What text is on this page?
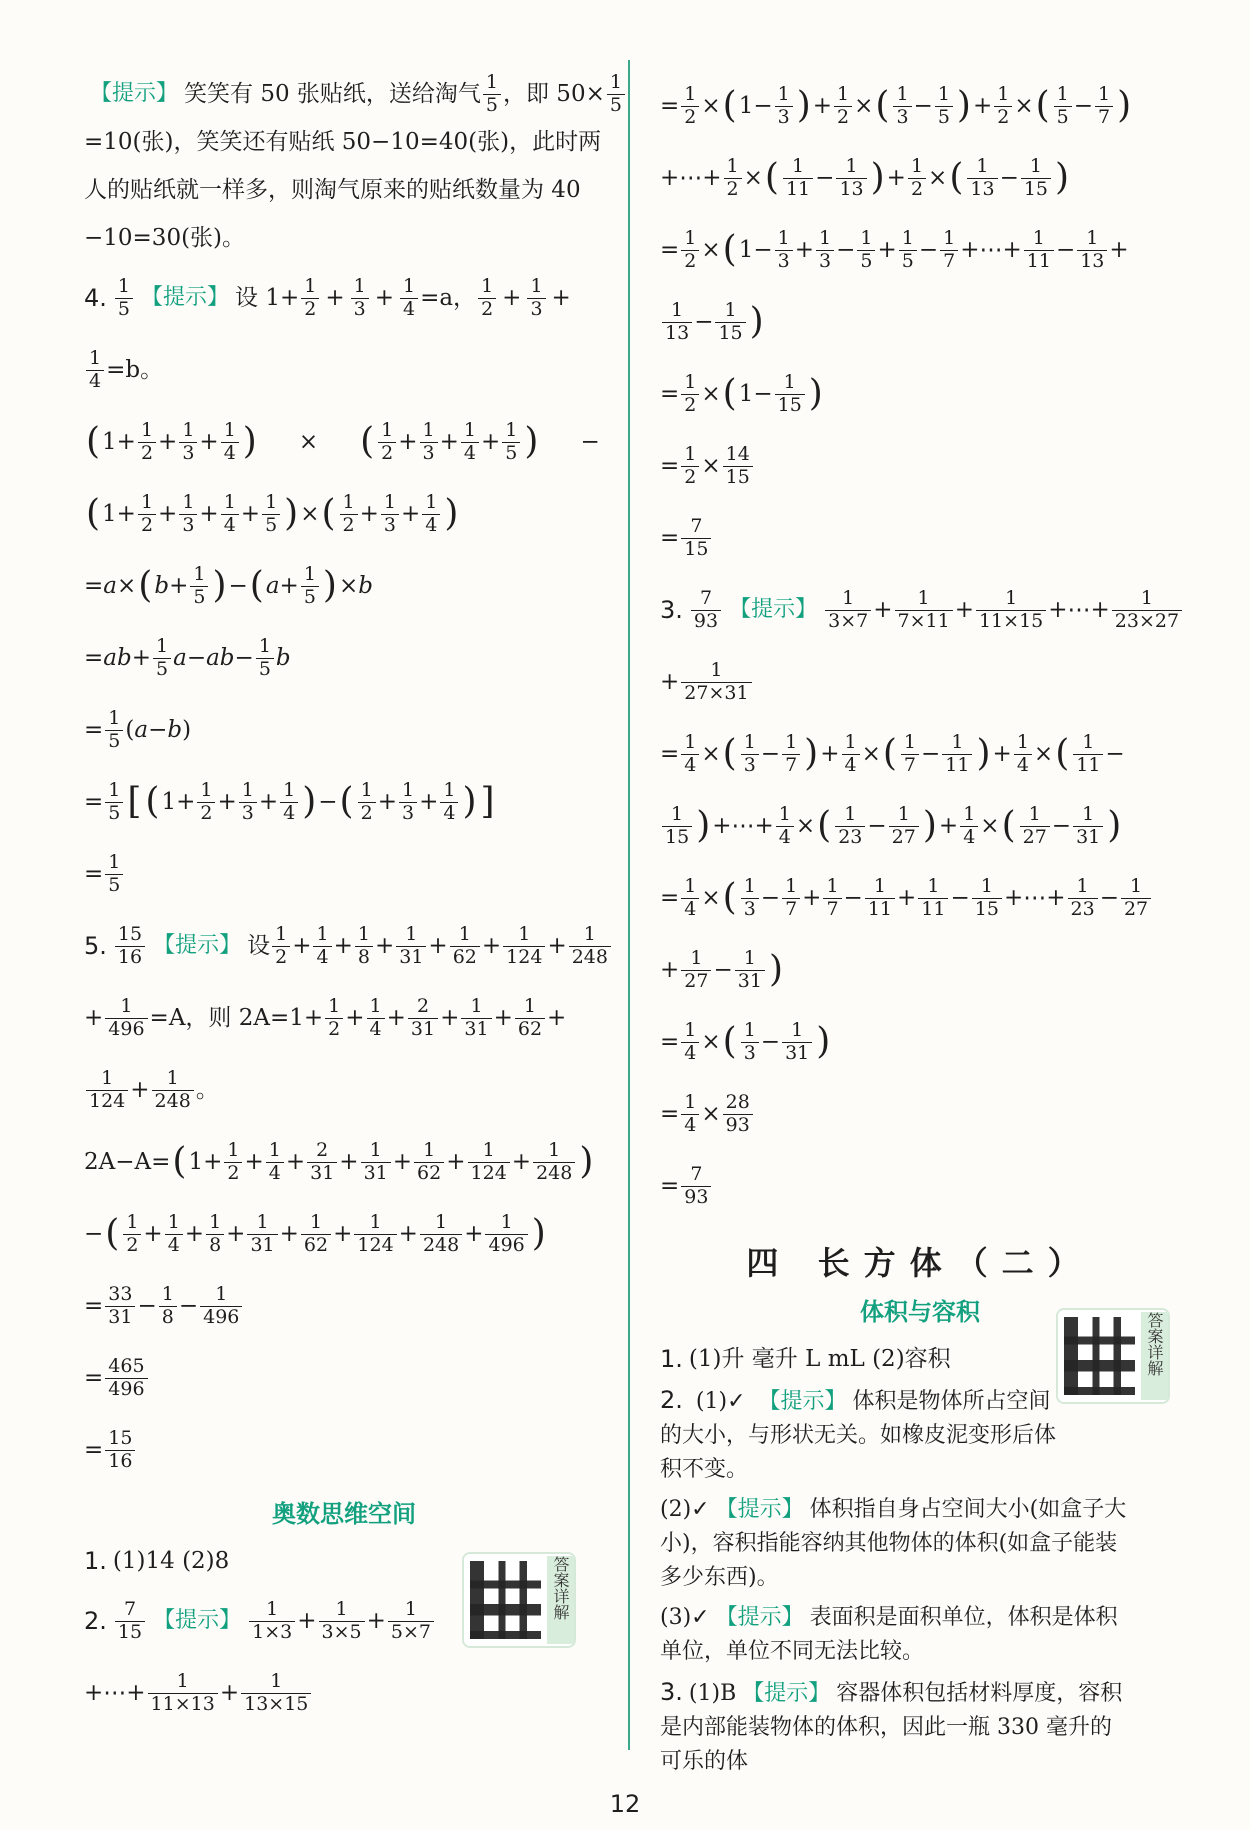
【提示】 笑笑有 50 张贴纸，送给淘气 $\frac{1}{5}$ ，即 $50\times \frac{1}{5}$
=10(张)，笑笑还有贴纸 50−10=40(张)，此时两
人的贴纸就一样多，则淘气原来的贴纸数量为 40
−10=30(张)。
4. $\frac{1}{5}$ 【提示】 设 $1+ \frac{1}{2} + \frac{1}{3} + \frac{1}{4} =a$， $\frac{1}{2} + \frac{1}{3}$ +
$\frac{1}{4} =b$。
( $1+ \frac{1}{2} + \frac{1}{3} + \frac{1}{4}$ ) × ( $\frac{1}{2} + \frac{1}{3} + \frac{1}{4} + \frac{1}{5}$ ) −
( $1+ \frac{1}{2} + \frac{1}{3} + \frac{1}{4} + \frac{1}{5}$ ) × ( $\frac{1}{2} + \frac{1}{3} + \frac{1}{4}$ )
= a × ( $b + \frac{1}{5}$ ) − ( $a + \frac{1}{5}$ ) × b
= ab + $\frac{1}{5}$ a − ab − $\frac{1}{5}$ b
= $\frac{1}{5}$ ( a − b )
= $\frac{1}{5}$ [ ( $1+ \frac{1}{2} + \frac{1}{3} + \frac{1}{4}$ ) − ( $\frac{1}{2} + \frac{1}{3} + \frac{1}{4}$ ) ]
= $\frac{1}{5}$
5. $\frac{15}{16}$ 【提示】 设 $\frac{1}{2} + \frac{1}{4} + \frac{1}{8} + \frac{1}{31} + \frac{1}{62} + \frac{1}{124} + \frac{1}{248}$
+ $\frac{1}{496} =A$，则 $2A=1+ \frac{1}{2} + \frac{1}{4} + \frac{2}{31} + \frac{1}{31} + \frac{1}{62}$ +
$\frac{1}{124} + \frac{1}{248}$ 。
2A−A= ( $1+ \frac{1}{2} + \frac{1}{4} + \frac{2}{31} + \frac{1}{31} + \frac{1}{62} + \frac{1}{124} + \frac{1}{248}$ )
− ( $\frac{1}{2} + \frac{1}{4} + \frac{1}{8} + \frac{1}{31} + \frac{1}{62} + \frac{1}{124} + \frac{1}{248} + \frac{1}{496}$ )
= $\frac{33}{31} - \frac{1}{8} - \frac{1}{496}$
= $\frac{465}{496}$
= $\frac{15}{16}$
奥数思维空间
1. (1)14 (2)8
2. $\frac{7}{15}$ 【提示】 $\frac{1}{1\times 3} + \frac{1}{3\times 5} + \frac{1}{5\times 7}$
+⋯+ $\frac{1}{11\times 13} + \frac{1}{13\times 15}$
答案详解
= $\frac{1}{2}$ × ( $1- \frac{1}{3}$ ) + $\frac{1}{2}$ × ( $\frac{1}{3} - \frac{1}{5}$ ) + $\frac{1}{2}$ × ( $\frac{1}{5} - \frac{1}{7}$ )
+⋯+ $\frac{1}{2}$ × ( $\frac{1}{11} - \frac{1}{13}$ ) + $\frac{1}{2}$ × ( $\frac{1}{13} - \frac{1}{15}$ )
= $\frac{1}{2}$ × ( $1- \frac{1}{3} + \frac{1}{3} - \frac{1}{5} + \frac{1}{5} - \frac{1}{7}$ +⋯+ $\frac{1}{11} - \frac{1}{13}$ +
$\frac{1}{13} - \frac{1}{15}$ )
= $\frac{1}{2}$ × ( $1- \frac{1}{15}$ )
= $\frac{1}{2} \times \frac{14}{15}$
= $\frac{7}{15}$
3. $\frac{7}{93}$ 【提示】 $\frac{1}{3\times 7} + \frac{1}{7\times 11} + \frac{1}{11\times 15}$ +⋯+ $\frac{1}{23\times 27}$
+ $\frac{1}{27\times 31}$
= $\frac{1}{4}$ × ( $\frac{1}{3} - \frac{1}{7}$ ) + $\frac{1}{4}$ × ( $\frac{1}{7} - \frac{1}{11}$ ) + $\frac{1}{4}$ × ( $\frac{1}{11}$ −
$\frac{1}{15}$ ) +⋯+ $\frac{1}{4}$ × ( $\frac{1}{23} - \frac{1}{27}$ ) + $\frac{1}{4}$ × ( $\frac{1}{27} - \frac{1}{31}$ )
= $\frac{1}{4}$ × ( $\frac{1}{3} - \frac{1}{7} + \frac{1}{7} - \frac{1}{11} + \frac{1}{11} - \frac{1}{15}$ +⋯+ $\frac{1}{23} - \frac{1}{27}$
+ $\frac{1}{27} - \frac{1}{31}$ )
= $\frac{1}{4}$ × ( $\frac{1}{3} - \frac{1}{31}$ )
= $\frac{1}{4} \times \frac{28}{93}$
= $\frac{7}{93}$
四 长方体（二）
体积与容积
1. (1)升 毫升 L mL (2)容积
2. (1)✓ 【提示】 体积是物体所占空间的大小，与形状无关。如橡皮泥变形后体积不变。
(2)✓ 【提示】 体积指自身占空间大小(如盒子大小)，容积指能容纳其他物体的体积(如盒子能装多少东西)。
(3)✓ 【提示】 表面积是面积单位，体积是体积单位，单位不同无法比较。
3. (1)B 【提示】 容器体积包括材料厚度，容积是内部能装物体的体积，因此一瓶 330 毫升的可乐的体
答案详解
12
